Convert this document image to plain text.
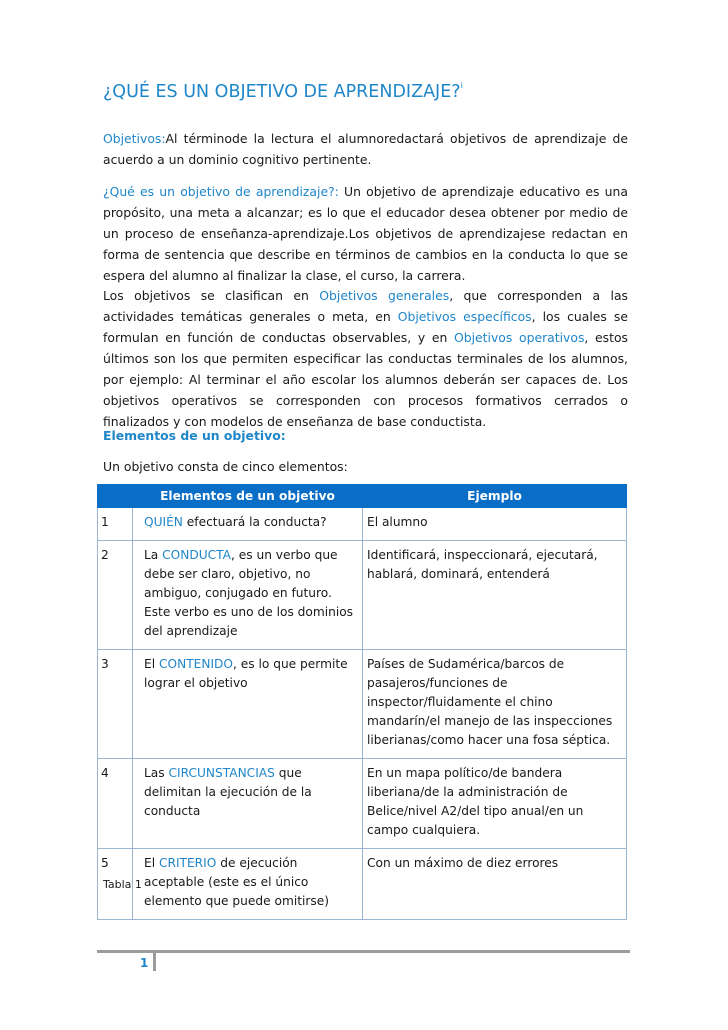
¿QUÉ ES UN OBJETIVO DE APRENDIZAJE?$^i$

Objetivos:Al términode la lectura el alumnoredactará objetivos de aprendizaje de acuerdo a un dominio cognitivo pertinente.

¿Qué es un objetivo de aprendizaje?: Un objetivo de aprendizaje educativo es una propósito, una meta a alcanzar; es lo que el educador desea obtener por medio de un proceso de enseñanza-aprendizaje.Los objetivos de aprendizajese redactan en forma de sentencia que describe en términos de cambios en la conducta lo que se espera del alumno al finalizar la clase, el curso, la carrera.

Los objetivos se clasifican en Objetivos generales, que corresponden a las actividades temáticas generales o meta, en Objetivos específicos, los cuales se formulan en función de conductas observables, y en Objetivos operativos, estos últimos son los que permiten especificar las conductas terminales de los alumnos, por ejemplo: Al terminar el año escolar los alumnos deberán ser capaces de. Los objetivos operativos se corresponden con procesos formativos cerrados o finalizados y con modelos de enseñanza de base conductista.

Elementos de un objetivo:

Un objetivo consta de cinco elementos:

	Elementos de un objetivo	Ejemplo
1	QUIÉN efectuará la conducta?	El alumno
2	La CONDUCTA, es un verbo que debe ser claro, objetivo, no ambiguo, conjugado en futuro. Este verbo es uno de los dominios del aprendizaje	Identificará, inspeccionará, ejecutará, hablará, dominará, entenderá
3	El CONTENIDO, es lo que permite lograr el objetivo	Países de Sudamérica/barcos de pasajeros/funciones de inspector/fluidamente el chino mandarín/el manejo de las inspecciones liberianas/como hacer una fosa séptica.
4	Las CIRCUNSTANCIAS que delimitan la ejecución de la conducta	En un mapa político/de bandera liberiana/de la administración de Belice/nivel A2/del tipo anual/en un campo cualquiera.
5	El CRITERIO de ejecución aceptable (este es el único elemento que puede omitirse)	Con un máximo de diez errores

Tabla 1

1
